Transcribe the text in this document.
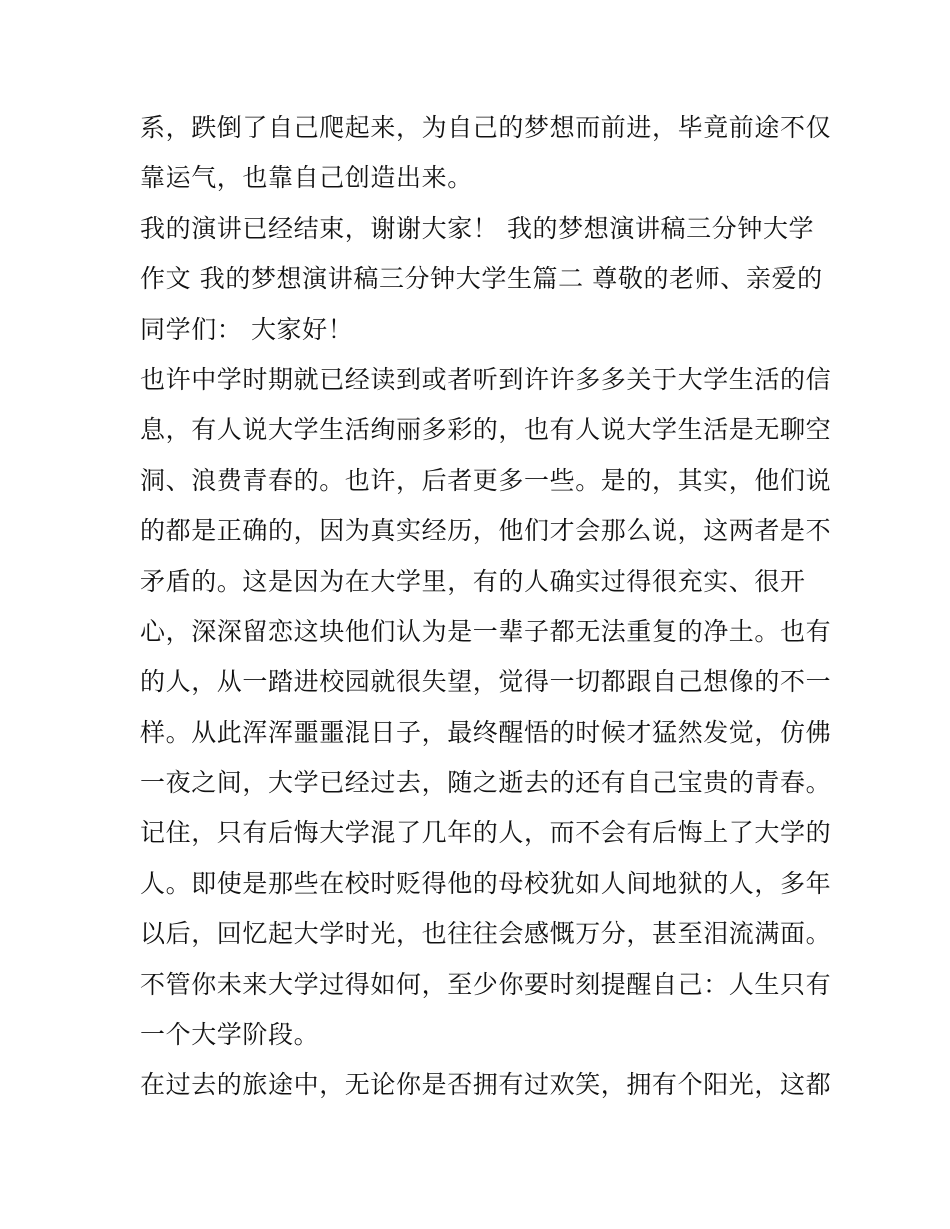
系，跌倒了自己爬起来，为自己的梦想而前进，毕竟前途不仅
靠运气，也靠自己创造出来。
我的演讲已经结束，谢谢大家！ 我的梦想演讲稿三分钟大学
作文 我的梦想演讲稿三分钟大学生篇二 尊敬的老师、亲爱的
同学们： 大家好！
也许中学时期就已经读到或者听到许许多多关于大学生活的信
息，有人说大学生活绚丽多彩的，也有人说大学生活是无聊空
洞、浪费青春的。也许，后者更多一些。是的，其实，他们说
的都是正确的，因为真实经历，他们才会那么说，这两者是不
矛盾的。这是因为在大学里，有的人确实过得很充实、很开
心，深深留恋这块他们认为是一辈子都无法重复的净土。也有
的人，从一踏进校园就很失望，觉得一切都跟自己想像的不一
样。从此浑浑噩噩混日子，最终醒悟的时候才猛然发觉，仿佛
一夜之间，大学已经过去，随之逝去的还有自己宝贵的青春。
记住，只有后悔大学混了几年的人，而不会有后悔上了大学的
人。即使是那些在校时贬得他的母校犹如人间地狱的人，多年
以后，回忆起大学时光，也往往会感慨万分，甚至泪流满面。
不管你未来大学过得如何，至少你要时刻提醒自己：人生只有
一个大学阶段。
在过去的旅途中，无论你是否拥有过欢笑，拥有个阳光，这都
